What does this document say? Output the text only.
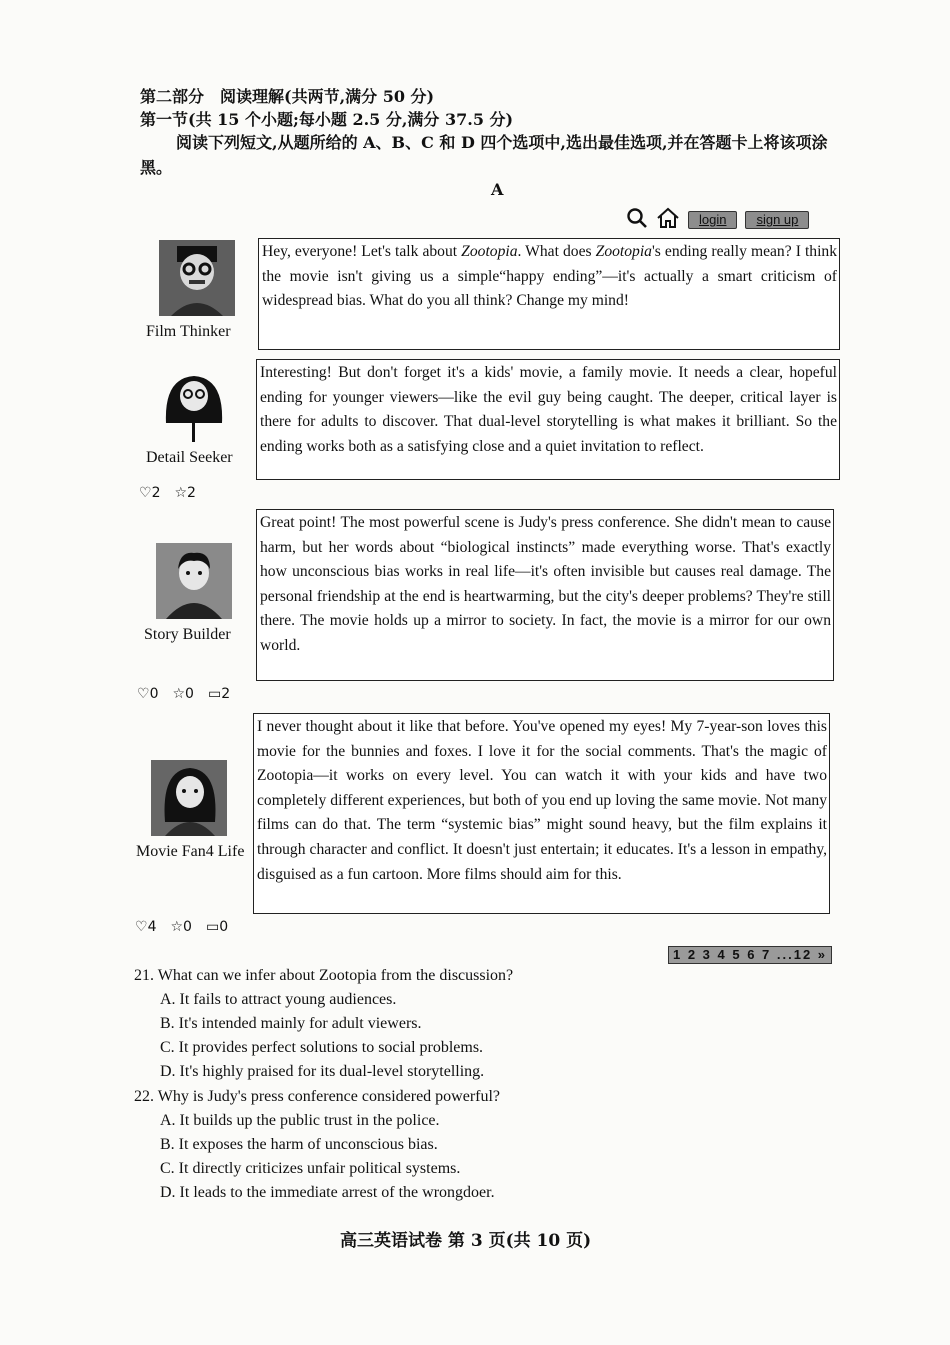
第二部分　阅读理解(共两节,满分 50 分)
第一节(共 15 个小题;每小题 2.5 分,满分 37.5 分)
阅读下列短文,从题所给的 A、B、C 和 D 四个选项中,选出最佳选项,并在答题卡上将该项涂黑。
A
login	sign up
Film Thinker
Hey, everyone! Let's talk about Zootopia. What does Zootopia's ending really mean? I think the movie isn't giving us a simple“happy ending”—it's actually a smart criticism of widespread bias. What do you all think? Change my mind!
Detail Seeker
Interesting! But don't forget it's a kids' movie, a family movie. It needs a clear, hopeful ending for younger viewers—like the evil guy being caught. The deeper, critical layer is there for adults to discover. That dual-level storytelling is what makes it brilliant. So the ending works both as a satisfying close and a quiet invitation to reflect.
♡2 ☆2
Story Builder
Great point! The most powerful scene is Judy's press conference. She didn't mean to cause harm, but her words about “biological instincts” made everything worse. That's exactly how unconscious bias works in real life—it's often invisible but causes real damage. The personal friendship at the end is heartwarming, but the city's deeper problems? They're still there. The movie holds up a mirror to society. In fact, the movie is a mirror for our own world.
♡0 ☆0 ▭2
Movie Fan4 Life
I never thought about it like that before. You've opened my eyes! My 7-year-son loves this movie for the bunnies and foxes. I love it for the social comments. That's the magic of Zootopia—it works on every level. You can watch it with your kids and have two completely different experiences, but both of you end up loving the same movie. Not many films can do that. The term “systemic bias” might sound heavy, but the film explains it through character and conflict. It doesn't just entertain; it educates. It's a lesson in empathy, disguised as a fun cartoon. More films should aim for this.
♡4 ☆0 ▭0
1 2 3 4 5 6 7 ...12 »
21. What can we infer about Zootopia from the discussion?
A. It fails to attract young audiences.
B. It's intended mainly for adult viewers.
C. It provides perfect solutions to social problems.
D. It's highly praised for its dual-level storytelling.
22. Why is Judy's press conference considered powerful?
A. It builds up the public trust in the police.
B. It exposes the harm of unconscious bias.
C. It directly criticizes unfair political systems.
D. It leads to the immediate arrest of the wrongdoer.
高三英语试卷 第 3 页(共 10 页)
